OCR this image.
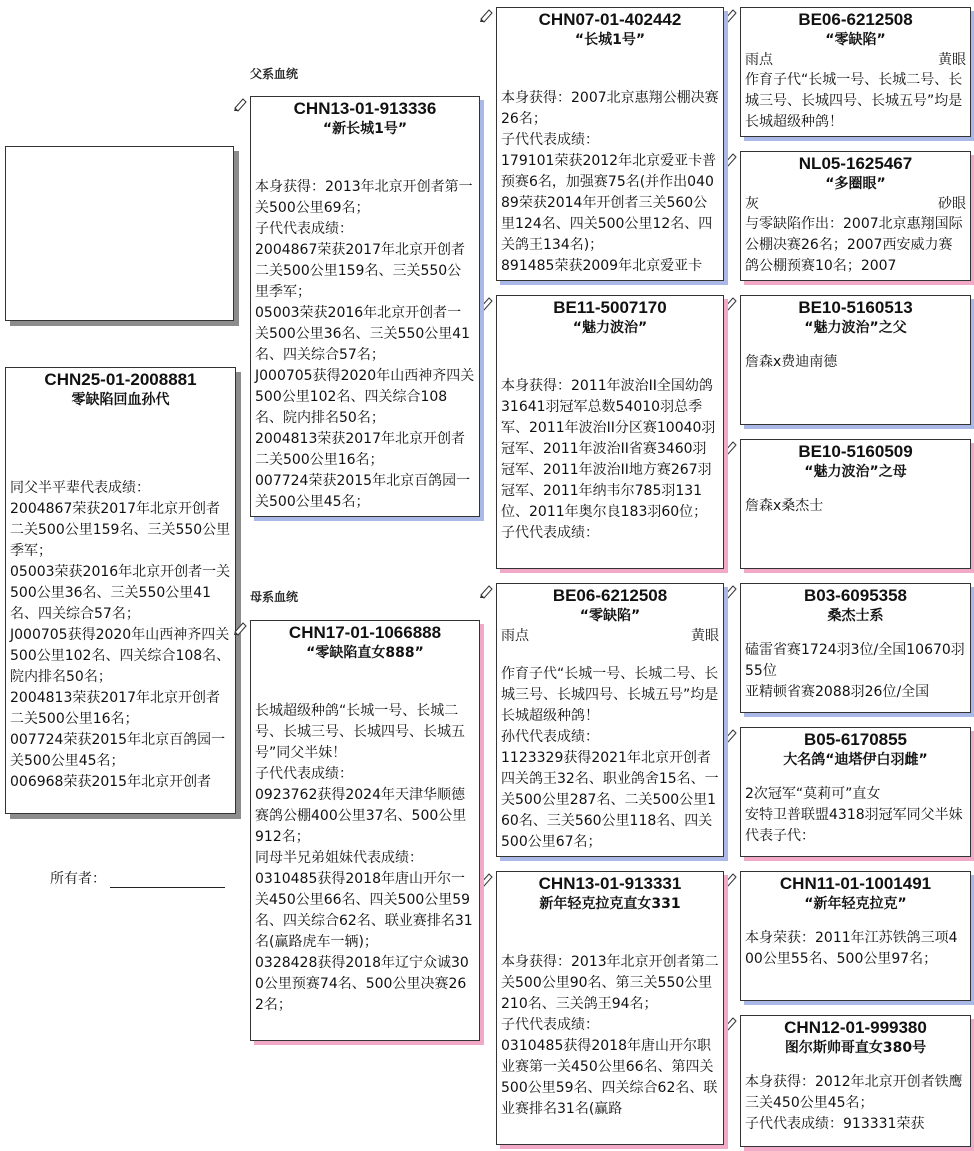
父系血统
母系血统
CHN25-01-2008881
零缺陷回血孙代
同父半平辈代表成绩：
2004867荣获2017年北京开创者二关500公里159名、三关550公里季军；
05003荣获2016年北京开创者一关500公里36名、三关550公里41名、四关综合57名；
J000705获得2020年山西神齐四关500公里102名、四关综合108名、院内排名50名；
2004813荣获2017年北京开创者二关500公里16名；
007724荣获2015年北京百鸽园一关500公里45名；
006968荣获2015年北京开创者
所有者：
CHN13-01-913336
“新长城1号”
本身获得：2013年北京开创者第一关500公里69名；
子代代表成绩：
2004867荣获2017年北京开创者二关500公里159名、三关550公里季军；
05003荣获2016年北京开创者一关500公里36名、三关550公里41名、四关综合57名；
J000705获得2020年山西神齐四关500公里102名、四关综合108名、院内排名50名；
2004813荣获2017年北京开创者二关500公里16名；
007724荣获2015年北京百鸽园一关500公里45名；
CHN17-01-1066888
“零缺陷直女888”
长城超级种鸽“长城一号、长城二号、长城三号、长城四号、长城五号”同父半妹！
子代代表成绩：
0923762获得2024年天津华顺德赛鸽公棚400公里37名、500公里912名；
同母半兄弟姐妹代表成绩：
0310485获得2018年唐山开尔一关450公里66名、四关500公里59名、四关综合62名、联业赛排名31名(赢路虎车一辆)；
0328428获得2018年辽宁众诚300公里预赛74名、500公里决赛262名；
CHN07-01-402442
“长城1号”
本身获得：2007北京惠翔公棚决赛26名；
子代代表成绩：
179101荣获2012年北京爱亚卡普预赛6名，加强赛75名(并作出04089荣获2014年开创者三关560公里124名、四关500公里12名、四关鸽王134名)；
891485荣获2009年北京爱亚卡
BE11-5007170
“魅力波治”
本身获得：2011年波治II全国幼鸽31641羽冠军总数54010羽总季军、2011年波治II分区赛10040羽冠军、2011年波治II省赛3460羽冠军、2011年波治II地方赛267羽冠军、2011年纳韦尔785羽131位、2011年奥尔良183羽60位；
子代代表成绩：
BE06-6212508
“零缺陷”
雨点	黄眼
作育子代“长城一号、长城二号、长城三号、长城四号、长城五号”均是长城超级种鸽！
孙代代表成绩：
1123329获得2021年北京开创者四关鸽王32名、职业鸽舍15名、一关500公里287名、二关500公里160名、三关560公里118名、四关500公里67名；
CHN13-01-913331
新年轻克拉克直女331
本身获得：2013年北京开创者第二关500公里90名、第三关550公里210名、三关鸽王94名；
子代代表成绩：
0310485获得2018年唐山开尔职业赛第一关450公里66名、第四关500公里59名、四关综合62名、联业赛排名31名(赢路
BE06-6212508
“零缺陷”
雨点	黄眼
作育子代“长城一号、长城二号、长城三号、长城四号、长城五号”均是长城超级种鸽！
NL05-1625467
“多圈眼”
灰	砂眼
与零缺陷作出：2007北京惠翔国际公棚决赛26名；2007西安威力赛鸽公棚预赛10名；2007
BE10-5160513
“魅力波治”之父
詹森x费迪南德
BE10-5160509
“魅力波治”之母
詹森x桑杰士
B03-6095358
桑杰士系
磕雷省赛1724羽3位/全国10670羽55位
亚精顿省赛2088羽26位/全国
B05-6170855
大名鸽“迪塔伊白羽雌”
2次冠军“莫莉可”直女
安特卫普联盟4318羽冠军同父半妹代表子代：
CHN11-01-1001491
“新年轻克拉克”
本身荣获：2011年江苏铁鸽三项400公里55名、500公里97名；
CHN12-01-999380
图尔斯帅哥直女380号
本身获得：2012年北京开创者铁鹰三关450公里45名；
子代代表成绩：913331荣获
